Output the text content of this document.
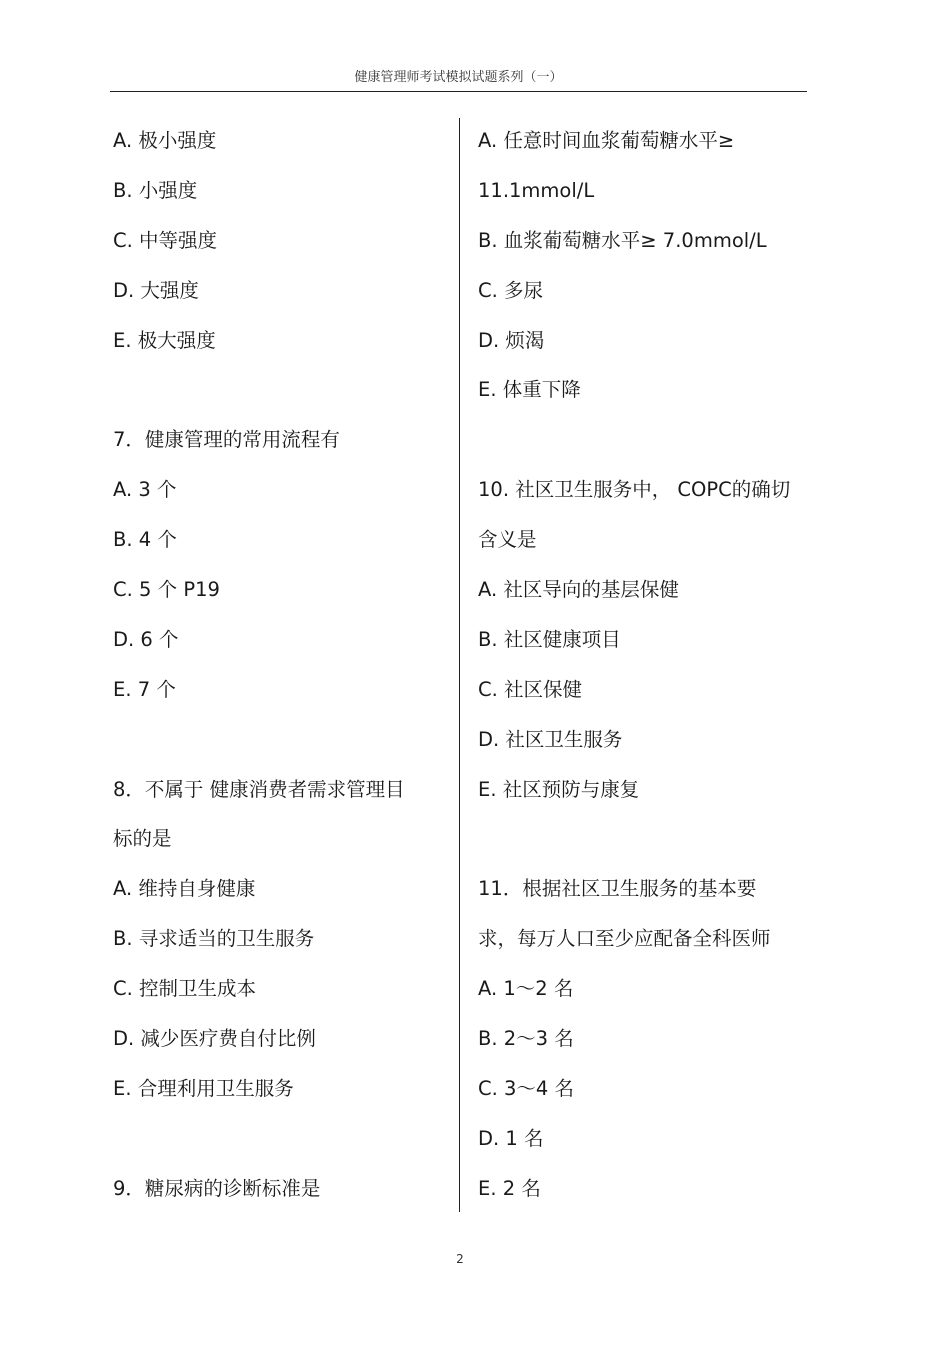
健康管理师考试模拟试题系列（一）
A. 极小强度
B. 小强度
C. 中等强度
D. 大强度
E. 极大强度
7．健康管理的常用流程有
A. 3 个
B. 4 个
C. 5 个 P19
D. 6 个
E. 7 个
8．不属于 健康消费者需求管理目
标的是
A. 维持自身健康
B. 寻求适当的卫生服务
C. 控制卫生成本
D. 减少医疗费自付比例
E. 合理利用卫生服务
9．糖尿病的诊断标准是
A. 任意时间血浆葡萄糖水平≥
11.1mmol/L
B. 血浆葡萄糖水平≥ 7.0mmol/L
C. 多尿
D. 烦渴
E. 体重下降
10. 社区卫生服务中， COPC的确切
含义是
A. 社区导向的基层保健
B. 社区健康项目
C. 社区保健
D. 社区卫生服务
E. 社区预防与康复
11．根据社区卫生服务的基本要
求，每万人口至少应配备全科医师
A. 1～2 名
B. 2～3 名
C. 3～4 名
D. 1 名
E. 2 名
2
